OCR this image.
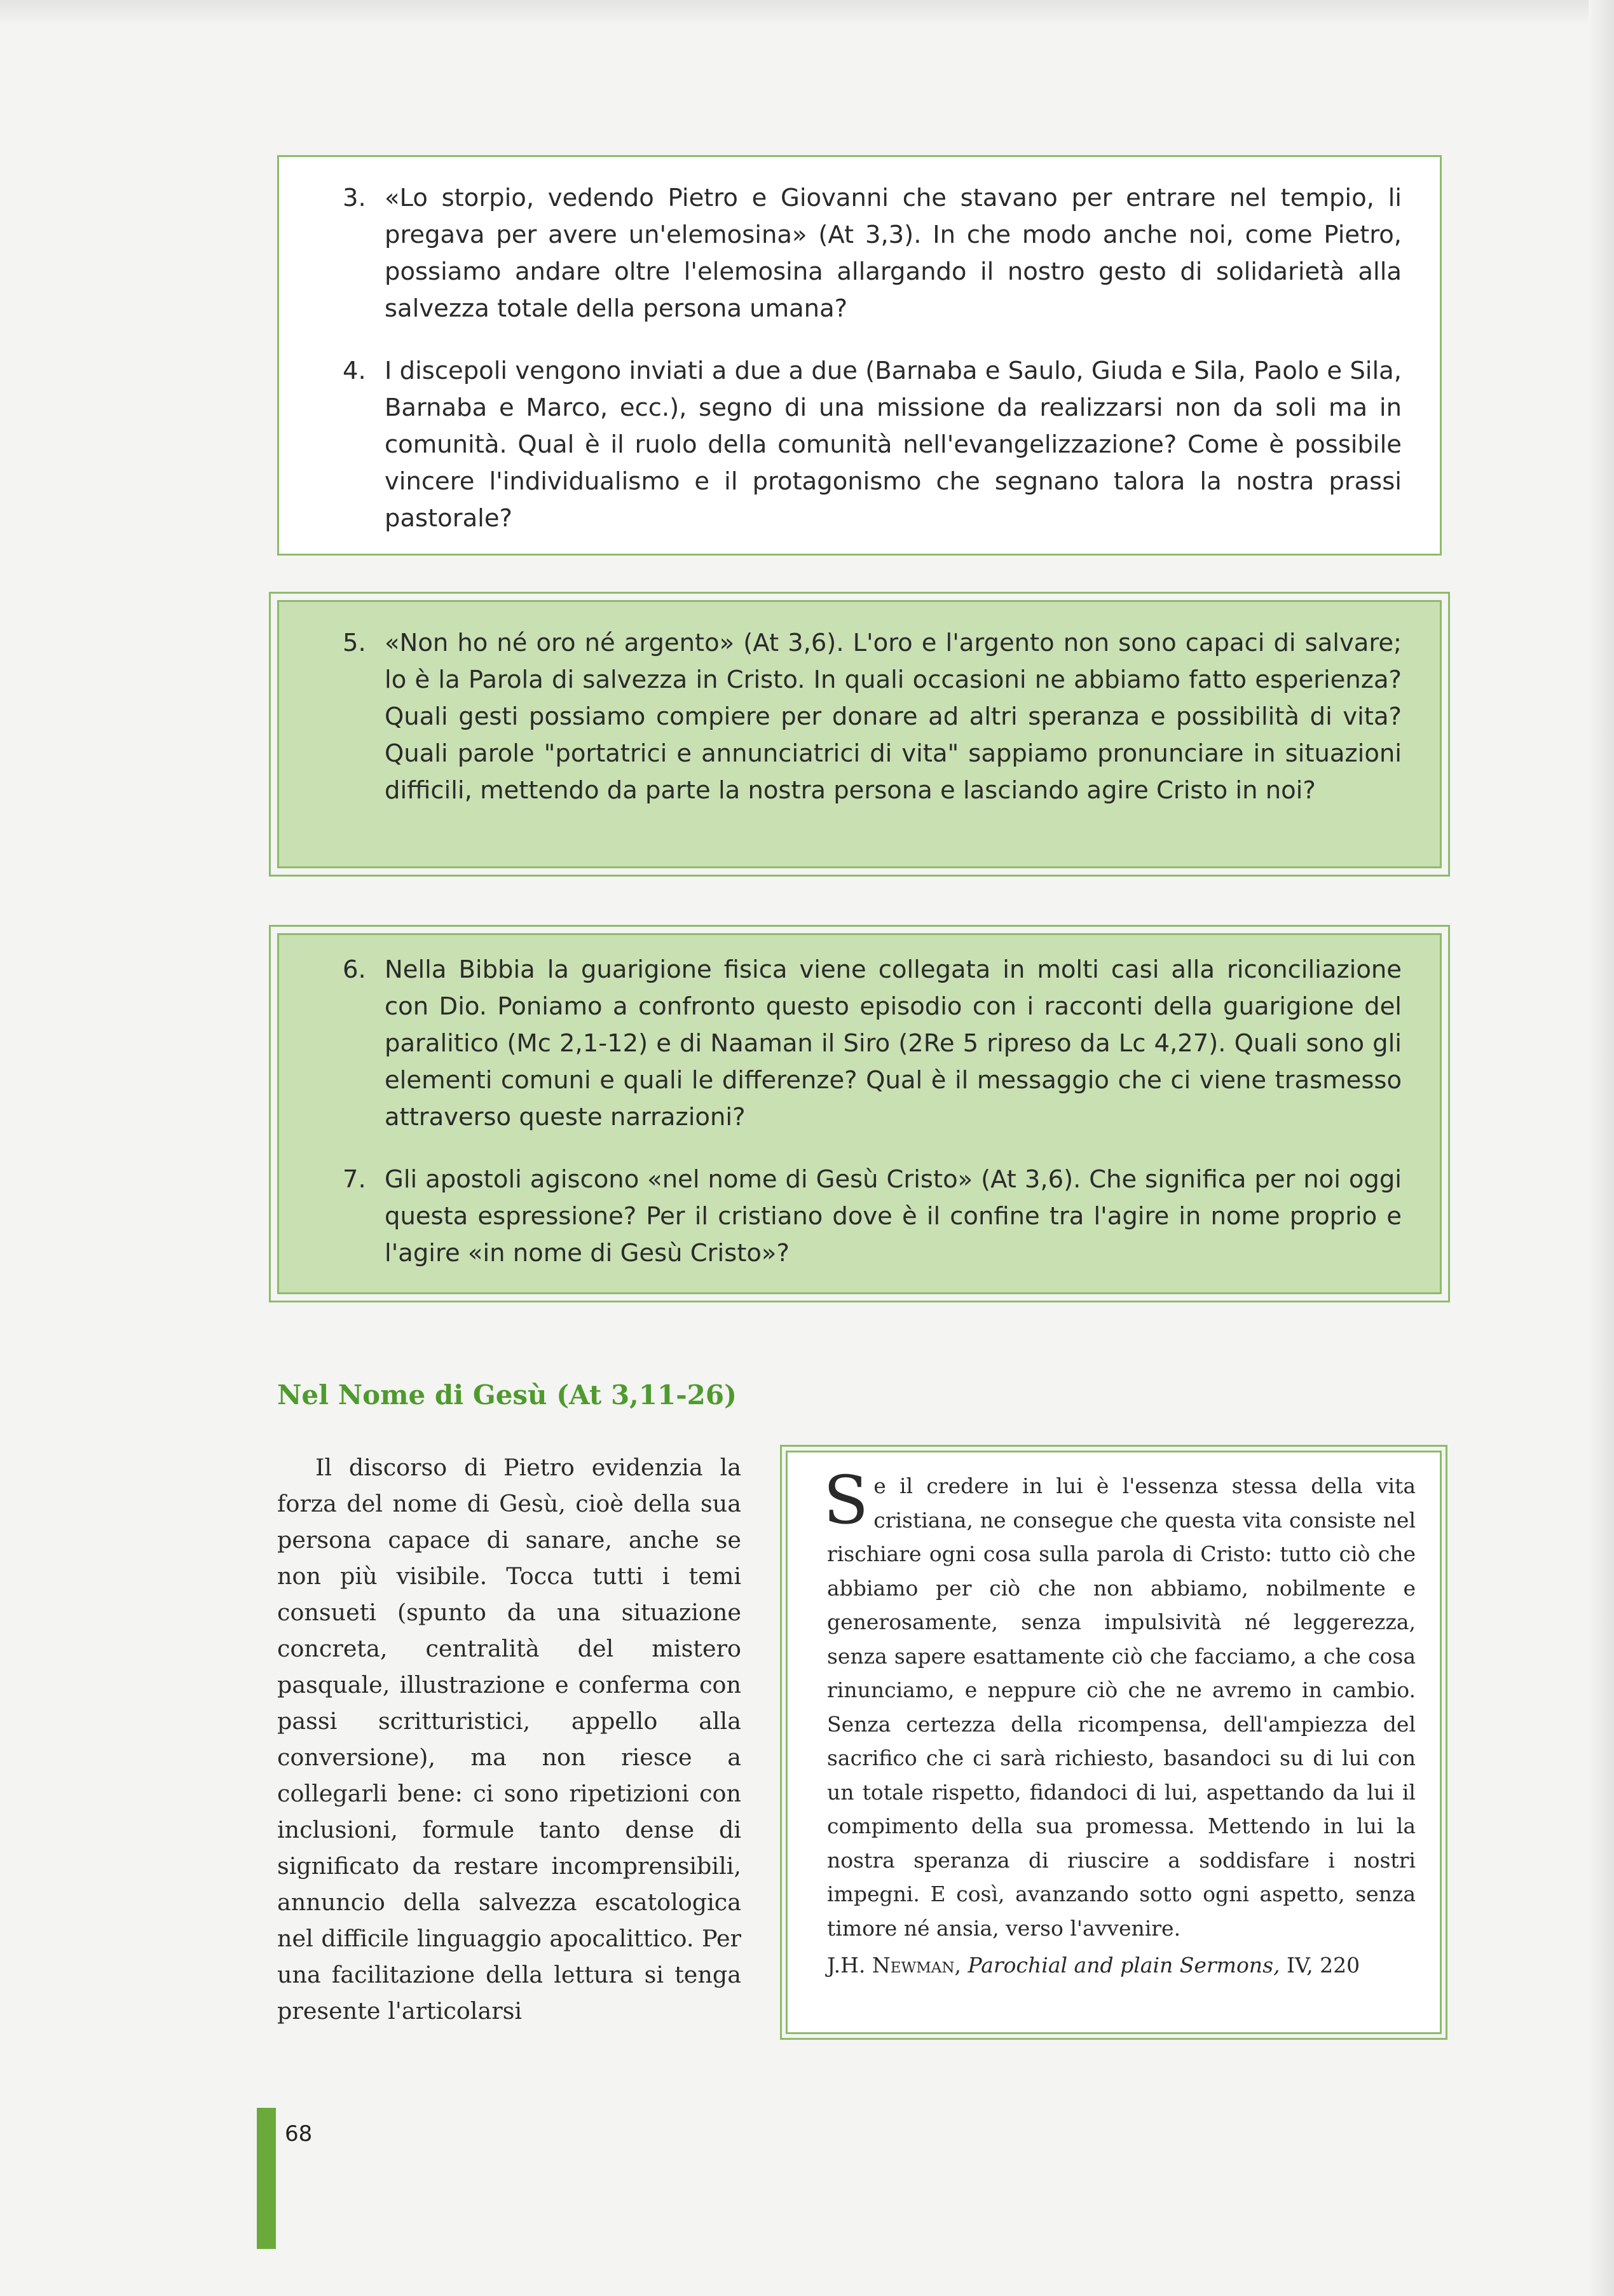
3. «Lo storpio, vedendo Pietro e Giovanni che stavano per entrare nel tempio, li pregava per avere un'elemosina» (At 3,3). In che modo anche noi, come Pietro, possiamo andare oltre l'elemosina allargando il nostro gesto di solidarietà alla salvezza totale della persona umana?
4. I discepoli vengono inviati a due a due (Barnaba e Saulo, Giuda e Sila, Paolo e Sila, Barnaba e Marco, ecc.), segno di una missione da realizzarsi non da soli ma in comunità. Qual è il ruolo della comunità nell'evangelizzazione? Come è possibile vincere l'individualismo e il protagonismo che segnano talora la nostra prassi pastorale?
5. «Non ho né oro né argento» (At 3,6). L'oro e l'argento non sono capaci di salvare; lo è la Parola di salvezza in Cristo. In quali occasioni ne abbiamo fatto esperienza? Quali gesti possiamo compiere per donare ad altri speranza e possibilità di vita? Quali parole "portatrici e annunciatrici di vita" sappiamo pronunciare in situazioni difficili, mettendo da parte la nostra persona e lasciando agire Cristo in noi?
6. Nella Bibbia la guarigione fisica viene collegata in molti casi alla riconciliazione con Dio. Poniamo a confronto questo episodio con i racconti della guarigione del paralitico (Mc 2,1-12) e di Naaman il Siro (2Re 5 ripreso da Lc 4,27). Quali sono gli elementi comuni e quali le differenze? Qual è il messaggio che ci viene trasmesso attraverso queste narrazioni?
7. Gli apostoli agiscono «nel nome di Gesù Cristo» (At 3,6). Che significa per noi oggi questa espressione? Per il cristiano dove è il confine tra l'agire in nome proprio e l'agire «in nome di Gesù Cristo»?
Nel Nome di Gesù (At 3,11-26)

Il discorso di Pietro evidenzia la forza del nome di Gesù, cioè della sua persona capace di sanare, anche se non più visibile. Tocca tutti i temi consueti (spunto da una situazione concreta, centralità del mistero pasquale, illustrazione e conferma con passi scritturistici, appello alla conversione), ma non riesce a collegarli bene: ci sono ripetizioni con inclusioni, formule tanto dense di significato da restare incomprensibili, annuncio della salvezza escatologica nel difficile linguaggio apocalittico. Per una facilitazione della lettura si tenga presente l'articolarsi

Se il credere in lui è l'essenza stessa della vita cristiana, ne consegue che questa vita consiste nel rischiare ogni cosa sulla parola di Cristo: tutto ciò che abbiamo per ciò che non abbiamo, nobilmente e generosamente, senza impulsività né leggerezza, senza sapere esattamente ciò che facciamo, a che cosa rinunciamo, e neppure ciò che ne avremo in cambio. Senza certezza della ricompensa, dell'ampiezza del sacrifico che ci sarà richiesto, basandoci su di lui con un totale rispetto, fidandoci di lui, aspettando da lui il compimento della sua promessa. Mettendo in lui la nostra speranza di riuscire a soddisfare i nostri impegni. E così, avanzando sotto ogni aspetto, senza timore né ansia, verso l'avvenire.

J.H. Newman, Parochial and plain Sermons, IV, 220

68
